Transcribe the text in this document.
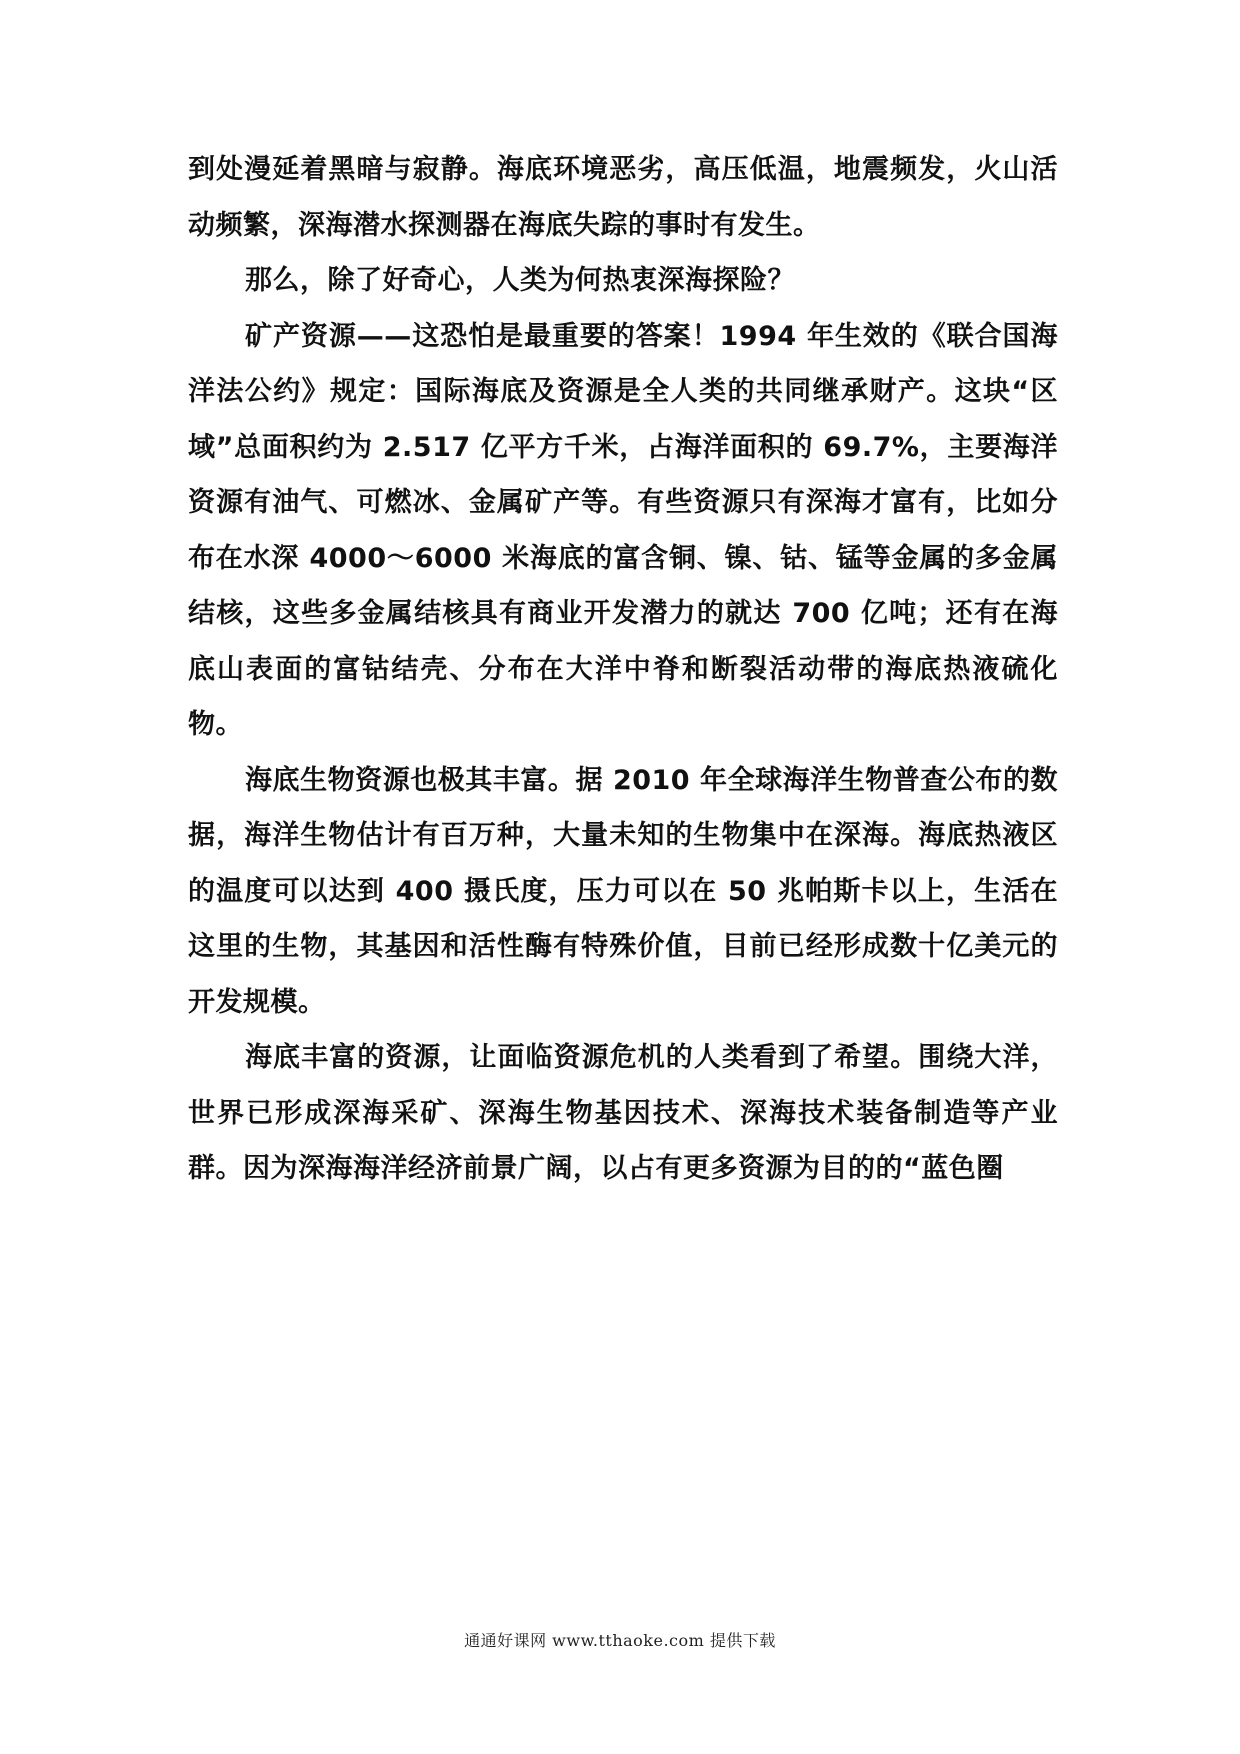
到处漫延着黑暗与寂静。海底环境恶劣，高压低温，地震频发，火山活动频繁，深海潜水探测器在海底失踪的事时有发生。

那么，除了好奇心，人类为何热衷深海探险？

矿产资源——这恐怕是最重要的答案！1994 年生效的《联合国海洋法公约》规定：国际海底及资源是全人类的共同继承财产。这块“区域”总面积约为 2.517 亿平方千米，占海洋面积的 69.7%，主要海洋资源有油气、可燃冰、金属矿产等。有些资源只有深海才富有，比如分布在水深 4000～6000 米海底的富含铜、镍、钴、锰等金属的多金属结核，这些多金属结核具有商业开发潜力的就达 700 亿吨；还有在海底山表面的富钴结壳、分布在大洋中脊和断裂活动带的海底热液硫化物。

海底生物资源也极其丰富。据 2010 年全球海洋生物普查公布的数据，海洋生物估计有百万种，大量未知的生物集中在深海。海底热液区的温度可以达到 400 摄氏度，压力可以在 50 兆帕斯卡以上，生活在这里的生物，其基因和活性酶有特殊价值，目前已经形成数十亿美元的开发规模。

海底丰富的资源，让面临资源危机的人类看到了希望。围绕大洋，世界已形成深海采矿、深海生物基因技术、深海技术装备制造等产业群。因为深海海洋经济前景广阔，以占有更多资源为目的的“蓝色圈

通通好课网 www.tthaoke.com 提供下载
